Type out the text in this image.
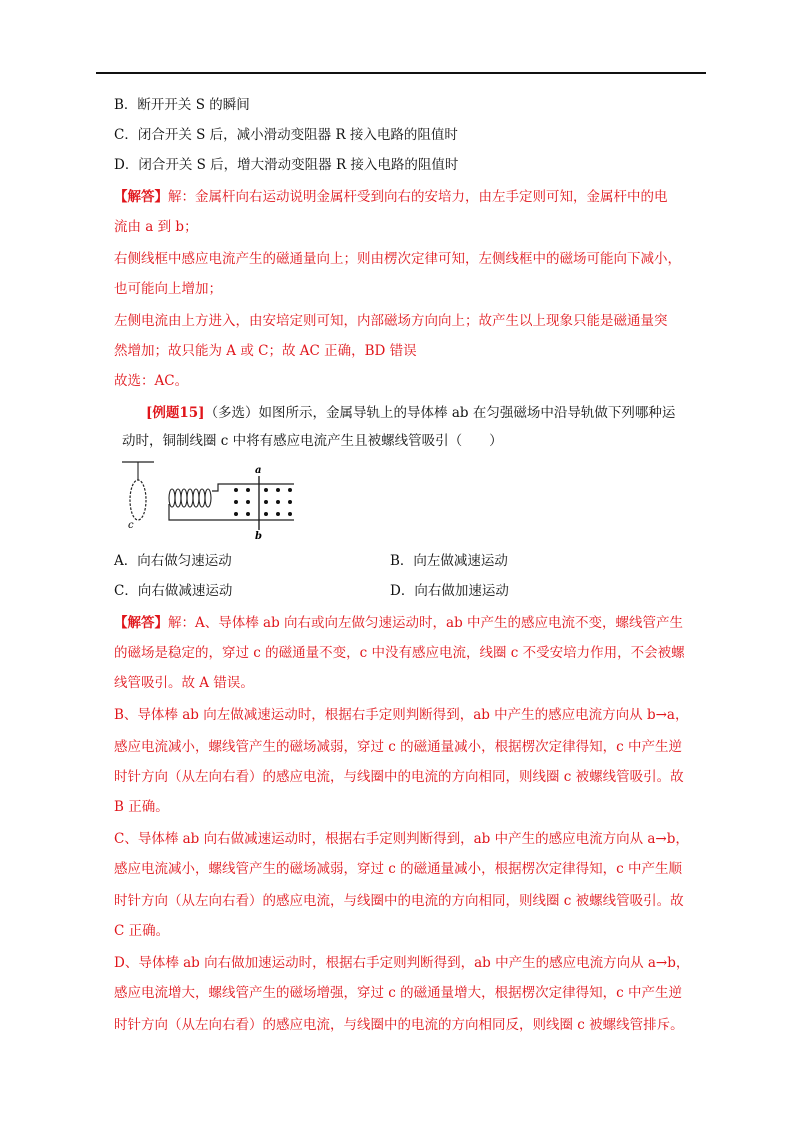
B．断开开关 S 的瞬间
C．闭合开关 S 后，减小滑动变阻器 R 接入电路的阻值时
D．闭合开关 S 后，增大滑动变阻器 R 接入电路的阻值时
【解答】解：金属杆向右运动说明金属杆受到向右的安培力，由左手定则可知，金属杆中的电
流由 a 到 b；
右侧线框中感应电流产生的磁通量向上；则由楞次定律可知，左侧线框中的磁场可能向下减小，
也可能向上增加；
左侧电流由上方进入，由安培定则可知，内部磁场方向向上；故产生以上现象只能是磁通量突
然增加；故只能为 A 或 C；故 AC 正确，BD 错误
故选：AC。
[例题15]（多选）如图所示，金属导轨上的导体棒 ab 在匀强磁场中沿导轨做下列哪种运
动时，铜制线圈 c 中将有感应电流产生且被螺线管吸引（　　）
c
a
b
A．向右做匀速运动	B．向左做减速运动
C．向右做减速运动	D．向右做加速运动
【解答】解：A、导体棒 ab 向右或向左做匀速运动时，ab 中产生的感应电流不变，螺线管产生
的磁场是稳定的，穿过 c 的磁通量不变，c 中没有感应电流，线圈 c 不受安培力作用，不会被螺
线管吸引。故 A 错误。
B、导体棒 ab 向左做减速运动时，根据右手定则判断得到，ab 中产生的感应电流方向从 b→a，
感应电流减小，螺线管产生的磁场减弱，穿过 c 的磁通量减小，根据楞次定律得知，c 中产生逆
时针方向（从左向右看）的感应电流，与线圈中的电流的方向相同，则线圈 c 被螺线管吸引。故
B 正确。
C、导体棒 ab 向右做减速运动时，根据右手定则判断得到，ab 中产生的感应电流方向从 a→b，
感应电流减小，螺线管产生的磁场减弱，穿过 c 的磁通量减小，根据楞次定律得知，c 中产生顺
时针方向（从左向右看）的感应电流，与线圈中的电流的方向相同，则线圈 c 被螺线管吸引。故
C 正确。
D、导体棒 ab 向右做加速运动时，根据右手定则判断得到，ab 中产生的感应电流方向从 a→b，
感应电流增大，螺线管产生的磁场增强，穿过 c 的磁通量增大，根据楞次定律得知，c 中产生逆
时针方向（从左向右看）的感应电流，与线圈中的电流的方向相同反，则线圈 c 被螺线管排斥。
